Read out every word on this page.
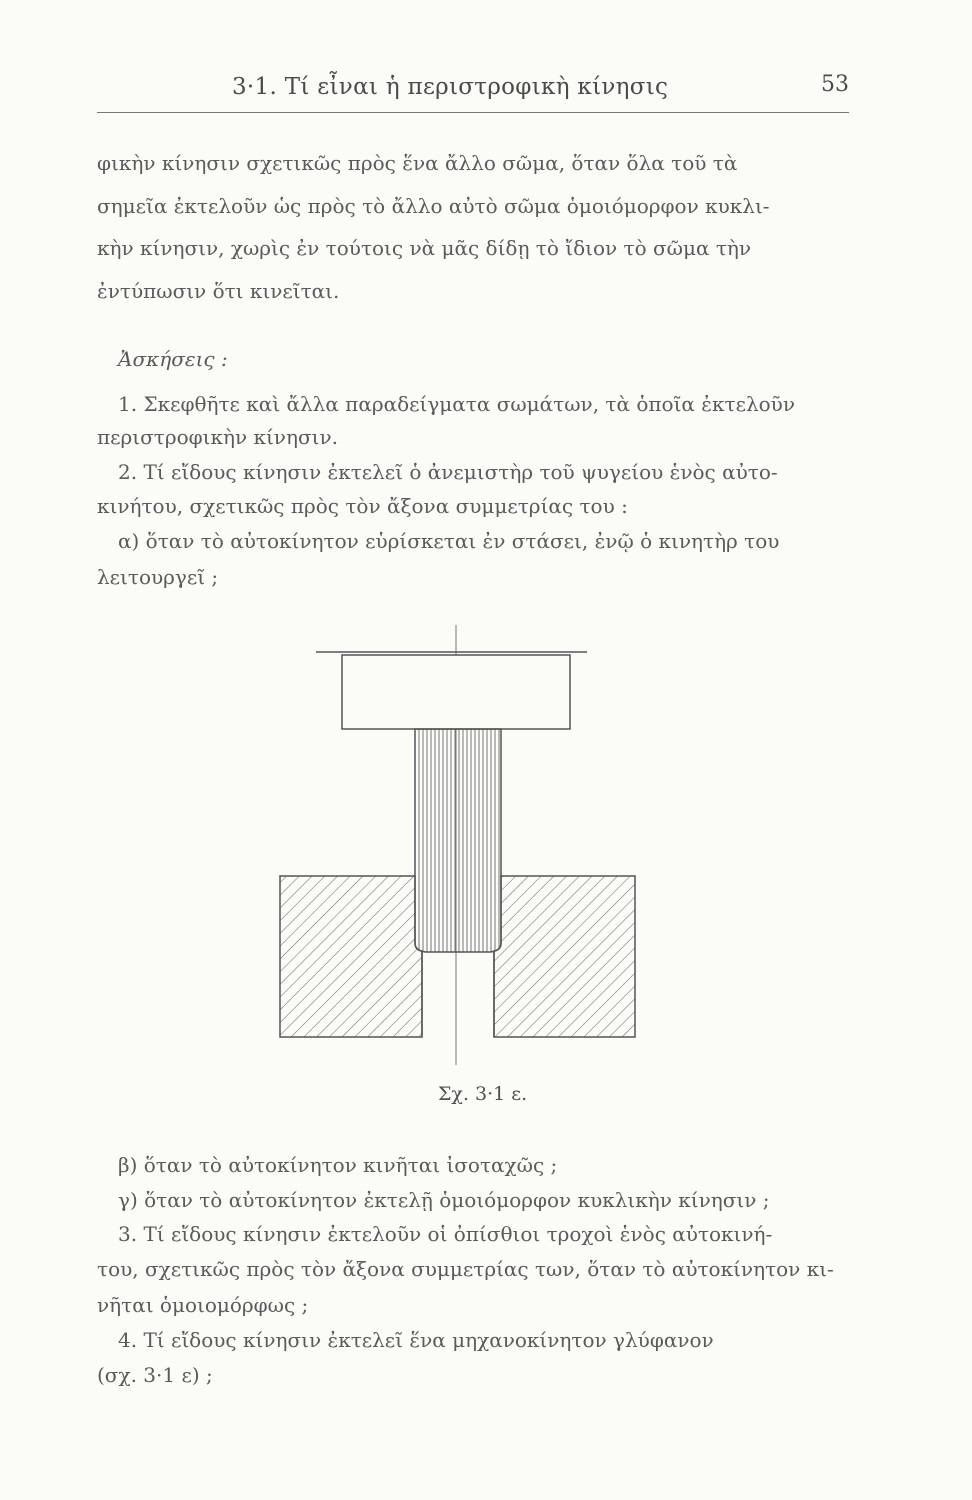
3·1. Τί εἶναι ἡ περιστροφικὴ κίνησις	53
φικὴν κίνησιν σχετικῶς πρὸς ἕνα ἄλλο σῶμα, ὅταν ὅλα τοῦ τὰ
σημεῖα ἐκτελοῦν ὡς πρὸς τὸ ἄλλο αὐτὸ σῶμα ὁμοιόμορφον κυκλι-
κὴν κίνησιν, χωρὶς ἐν τούτοις νὰ μᾶς δίδῃ τὸ ἴδιον τὸ σῶμα τὴν
ἐντύπωσιν ὅτι κινεῖται.
Ἀσκήσεις :
1. Σκεφθῆτε καὶ ἄλλα παραδείγματα σωμάτων, τὰ ὁποῖα ἐκτελοῦν
περιστροφικὴν κίνησιν.
2. Τί εἴδους κίνησιν ἐκτελεῖ ὁ ἀνεμιστὴρ τοῦ ψυγείου ἑνὸς αὐτο-
κινήτου, σχετικῶς πρὸς τὸν ἄξονα συμμετρίας του :
α) ὅταν τὸ αὐτοκίνητον εὑρίσκεται ἐν στάσει, ἐνῷ ὁ κινητὴρ του
λειτουργεῖ ;
Σχ. 3·1 ε.
β) ὅταν τὸ αὐτοκίνητον κινῆται ἰσοταχῶς ;
γ) ὅταν τὸ αὐτοκίνητον ἐκτελῇ ὁμοιόμορφον κυκλικὴν κίνησιν ;
3. Τί εἴδους κίνησιν ἐκτελοῦν οἱ ὀπίσθιοι τροχοὶ ἑνὸς αὐτοκινή-
του, σχετικῶς πρὸς τὸν ἄξονα συμμετρίας των, ὅταν τὸ αὐτοκίνητον κι-
νῆται ὁμοιομόρφως ;
4. Τί εἴδους κίνησιν ἐκτελεῖ ἕνα μηχανοκίνητον γλύφανον
(σχ. 3·1 ε) ;
